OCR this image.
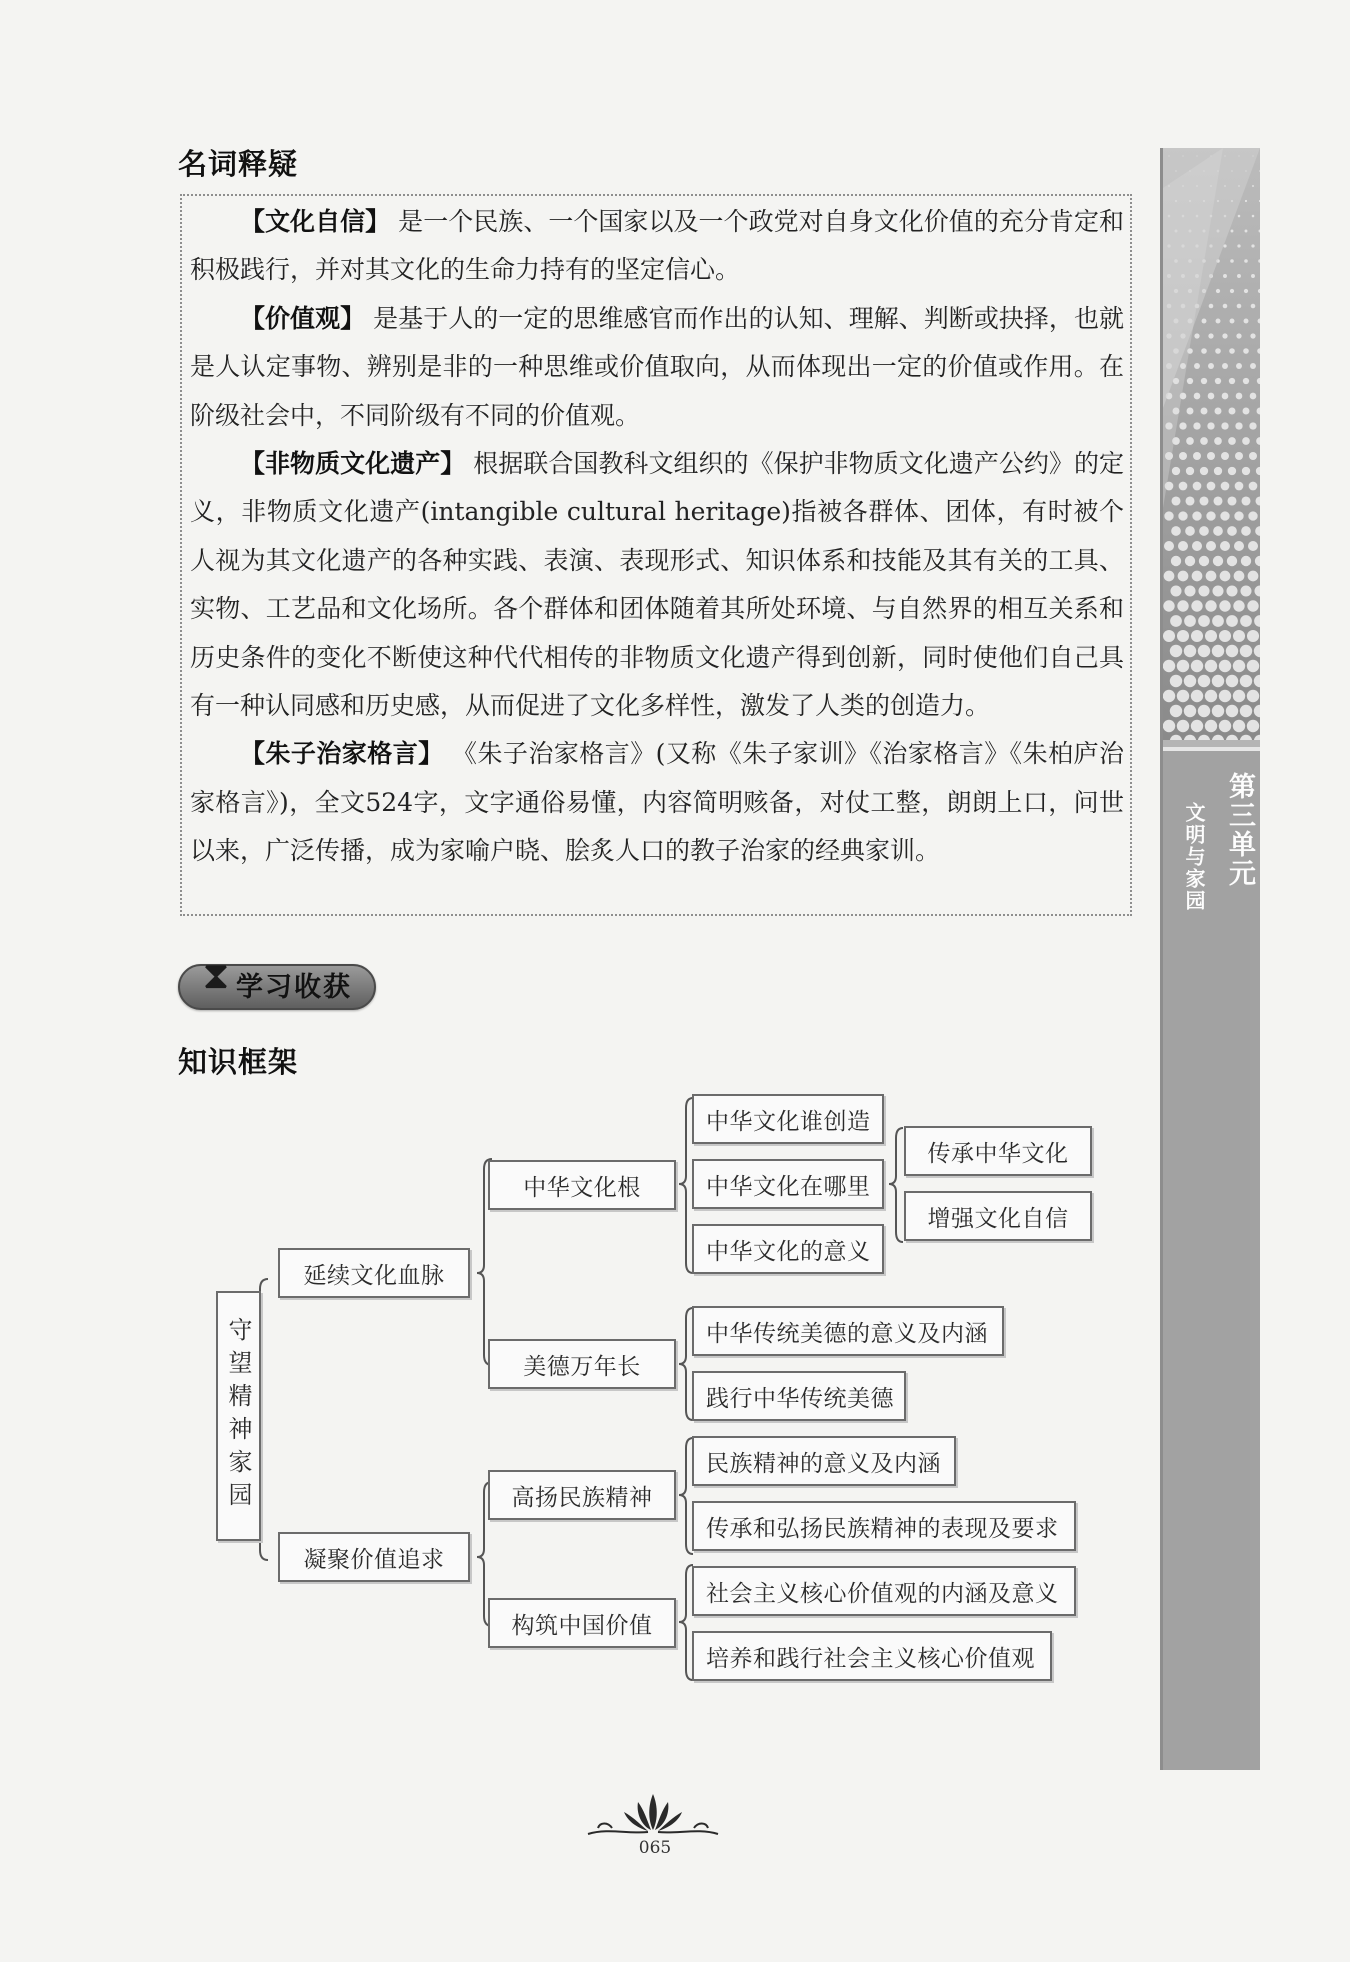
名词释疑

【文化自信】 是一个民族、一个国家以及一个政党对自身文化价值的充分肯定和积极践行，并对其文化的生命力持有的坚定信心。

【价值观】 是基于人的一定的思维感官而作出的认知、理解、判断或抉择，也就是人认定事物、辨别是非的一种思维或价值取向，从而体现出一定的价值或作用。在阶级社会中，不同阶级有不同的价值观。

【非物质文化遗产】 根据联合国教科文组织的《保护非物质文化遗产公约》的定义，非物质文化遗产(intangible cultural heritage)指被各群体、团体，有时被个人视为其文化遗产的各种实践、表演、表现形式、知识体系和技能及其有关的工具、实物、工艺品和文化场所。各个群体和团体随着其所处环境、与自然界的相互关系和历史条件的变化不断使这种代代相传的非物质文化遗产得到创新，同时使他们自己具有一种认同感和历史感，从而促进了文化多样性，激发了人类的创造力。

【朱子治家格言】 《朱子治家格言》(又称《朱子家训》《治家格言》《朱柏庐治家格言》)，全文524字，文字通俗易懂，内容简明赅备，对仗工整，朗朗上口，问世以来，广泛传播，成为家喻户晓、脍炙人口的教子治家的经典家训。

⧗ 学习收获
知识框架
守望精神家园
延续文化血脉
凝聚价值追求
中华文化根
美德万年长
高扬民族精神
构筑中国价值
中华文化谁创造
中华文化在哪里
中华文化的意义
中华传统美德的意义及内涵
践行中华传统美德
民族精神的意义及内涵
传承和弘扬民族精神的表现及要求
社会主义核心价值观的内涵及意义
培养和践行社会主义核心价值观
传承中华文化
增强文化自信
第三单元
文明与家园
065
